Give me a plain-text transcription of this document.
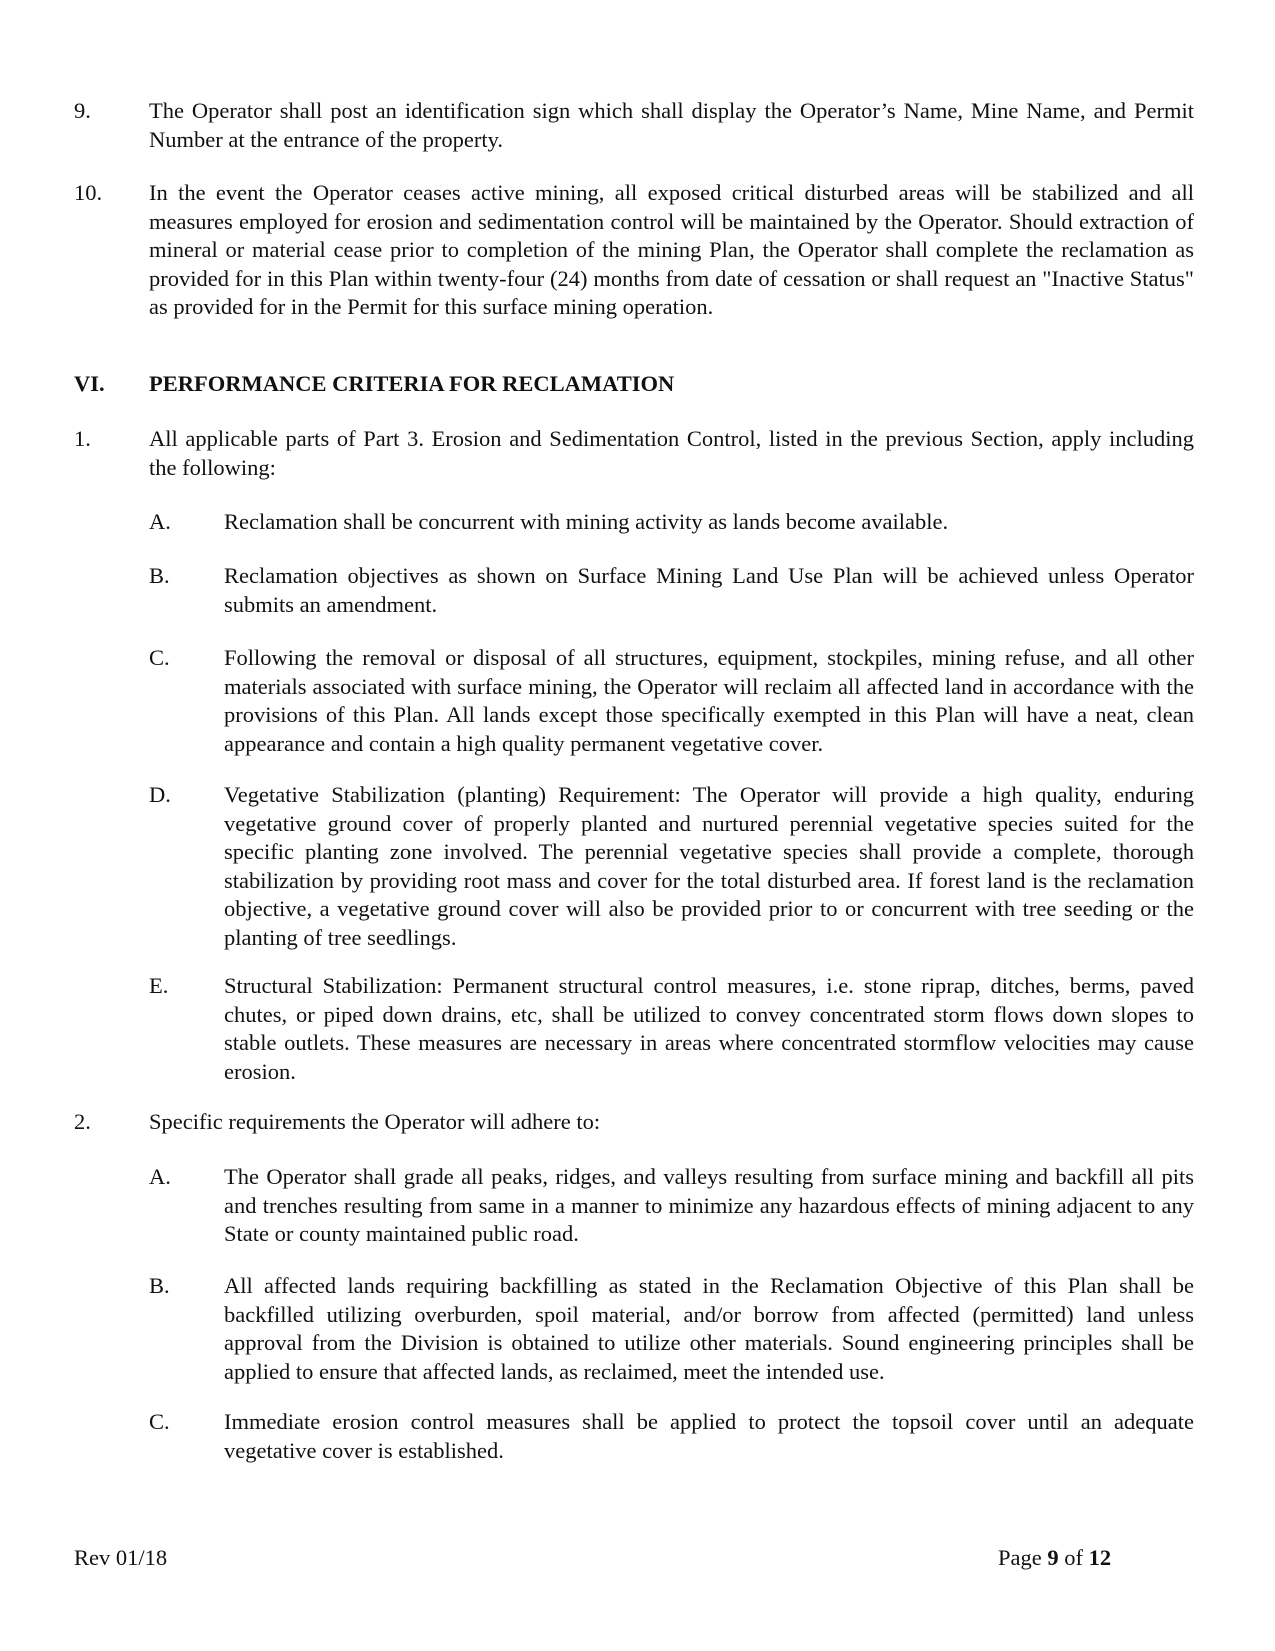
9.	The Operator shall post an identification sign which shall display the Operator’s Name, Mine Name, and Permit Number at the entrance of the property.
10. In the event the Operator ceases active mining, all exposed critical disturbed areas will be stabilized and all measures employed for erosion and sedimentation control will be maintained by the Operator. Should extraction of mineral or material cease prior to completion of the mining Plan, the Operator shall complete the reclamation as provided for in this Plan within twenty-four (24) months from date of cessation or shall request an "Inactive Status" as provided for in the Permit for this surface mining operation.
VI. PERFORMANCE CRITERIA FOR RECLAMATION
1.	All applicable parts of Part 3. Erosion and Sedimentation Control, listed in the previous Section, apply including the following:
A. Reclamation shall be concurrent with mining activity as lands become available.
B. Reclamation objectives as shown on Surface Mining Land Use Plan will be achieved unless Operator submits an amendment.
C. Following the removal or disposal of all structures, equipment, stockpiles, mining refuse, and all other materials associated with surface mining, the Operator will reclaim all affected land in accordance with the provisions of this Plan. All lands except those specifically exempted in this Plan will have a neat, clean appearance and contain a high quality permanent vegetative cover.
D. Vegetative Stabilization (planting) Requirement: The Operator will provide a high quality, enduring vegetative ground cover of properly planted and nurtured perennial vegetative species suited for the specific planting zone involved. The perennial vegetative species shall provide a complete, thorough stabilization by providing root mass and cover for the total disturbed area. If forest land is the reclamation objective, a vegetative ground cover will also be provided prior to or concurrent with tree seeding or the planting of tree seedlings.
E. Structural Stabilization: Permanent structural control measures, i.e. stone riprap, ditches, berms, paved chutes, or piped down drains, etc, shall be utilized to convey concentrated storm flows down slopes to stable outlets. These measures are necessary in areas where concentrated stormflow velocities may cause erosion.
2.	Specific requirements the Operator will adhere to:
A. The Operator shall grade all peaks, ridges, and valleys resulting from surface mining and backfill all pits and trenches resulting from same in a manner to minimize any hazardous effects of mining adjacent to any State or county maintained public road.
B. All affected lands requiring backfilling as stated in the Reclamation Objective of this Plan shall be backfilled utilizing overburden, spoil material, and/or borrow from affected (permitted) land unless approval from the Division is obtained to utilize other materials. Sound engineering principles shall be applied to ensure that affected lands, as reclaimed, meet the intended use.
C. Immediate erosion control measures shall be applied to protect the topsoil cover until an adequate vegetative cover is established.
Rev 01/18	Page 9 of 12
